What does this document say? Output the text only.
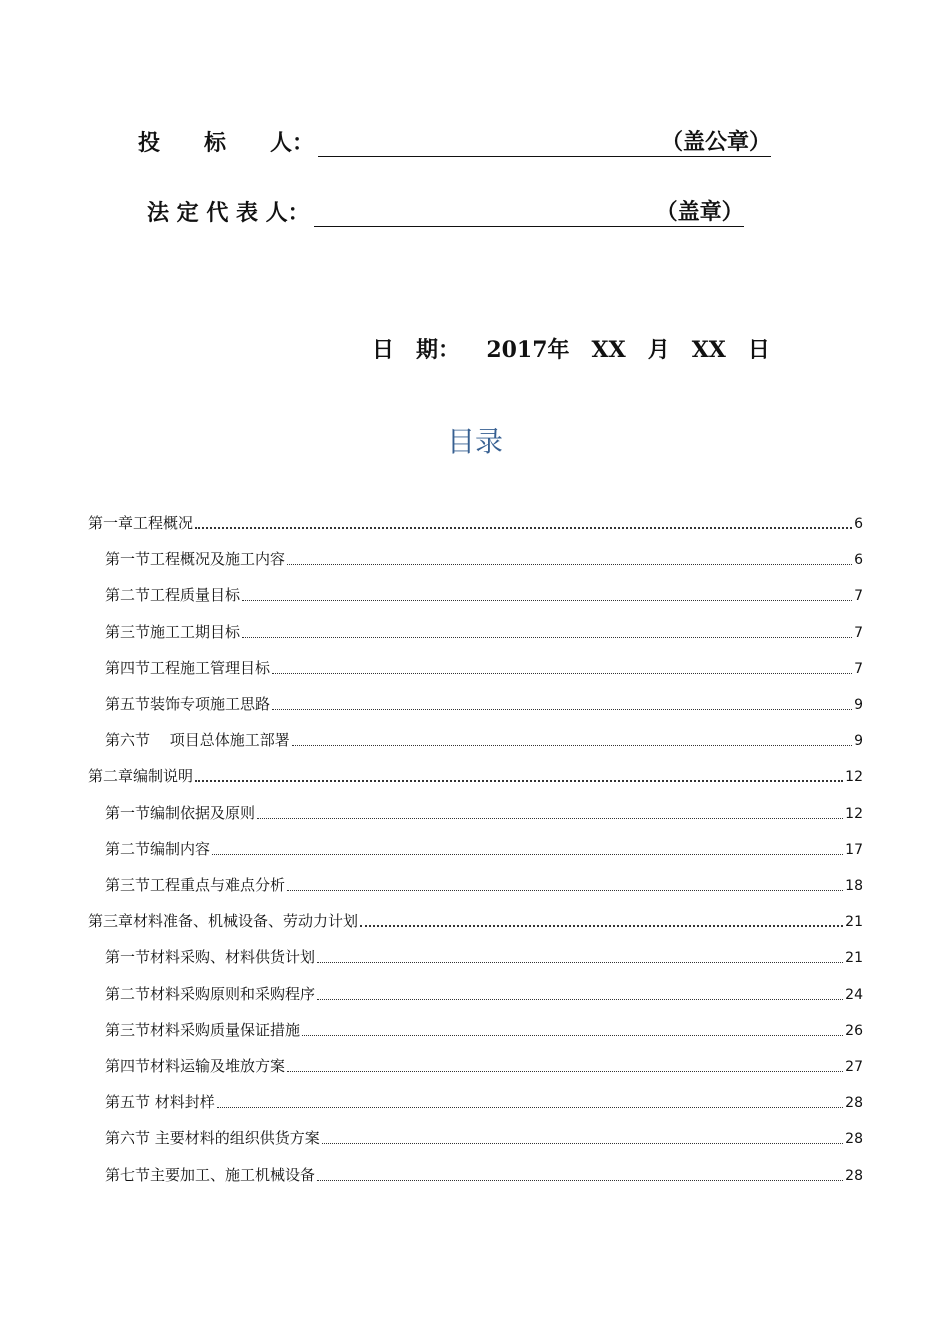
投　　标　　人：	（盖公章）
法 定 代 表 人：	（盖章）
日　期：　  2017年　XX　月　XX　日
目录
第一章工程概况	6
第一节工程概况及施工内容	6
第二节工程质量目标	7
第三节施工工期目标	7
第四节工程施工管理目标	7
第五节装饰专项施工思路	9
第六节　 项目总体施工部署	9
第二章编制说明	12
第一节编制依据及原则	12
第二节编制内容	17
第三节工程重点与难点分析	18
第三章材料准备、机械设备、劳动力计划	21
第一节材料采购、材料供货计划	21
第二节材料采购原则和采购程序	24
第三节材料采购质量保证措施	26
第四节材料运输及堆放方案	27
第五节 材料封样	28
第六节 主要材料的组织供货方案	28
第七节主要加工、施工机械设备	28
